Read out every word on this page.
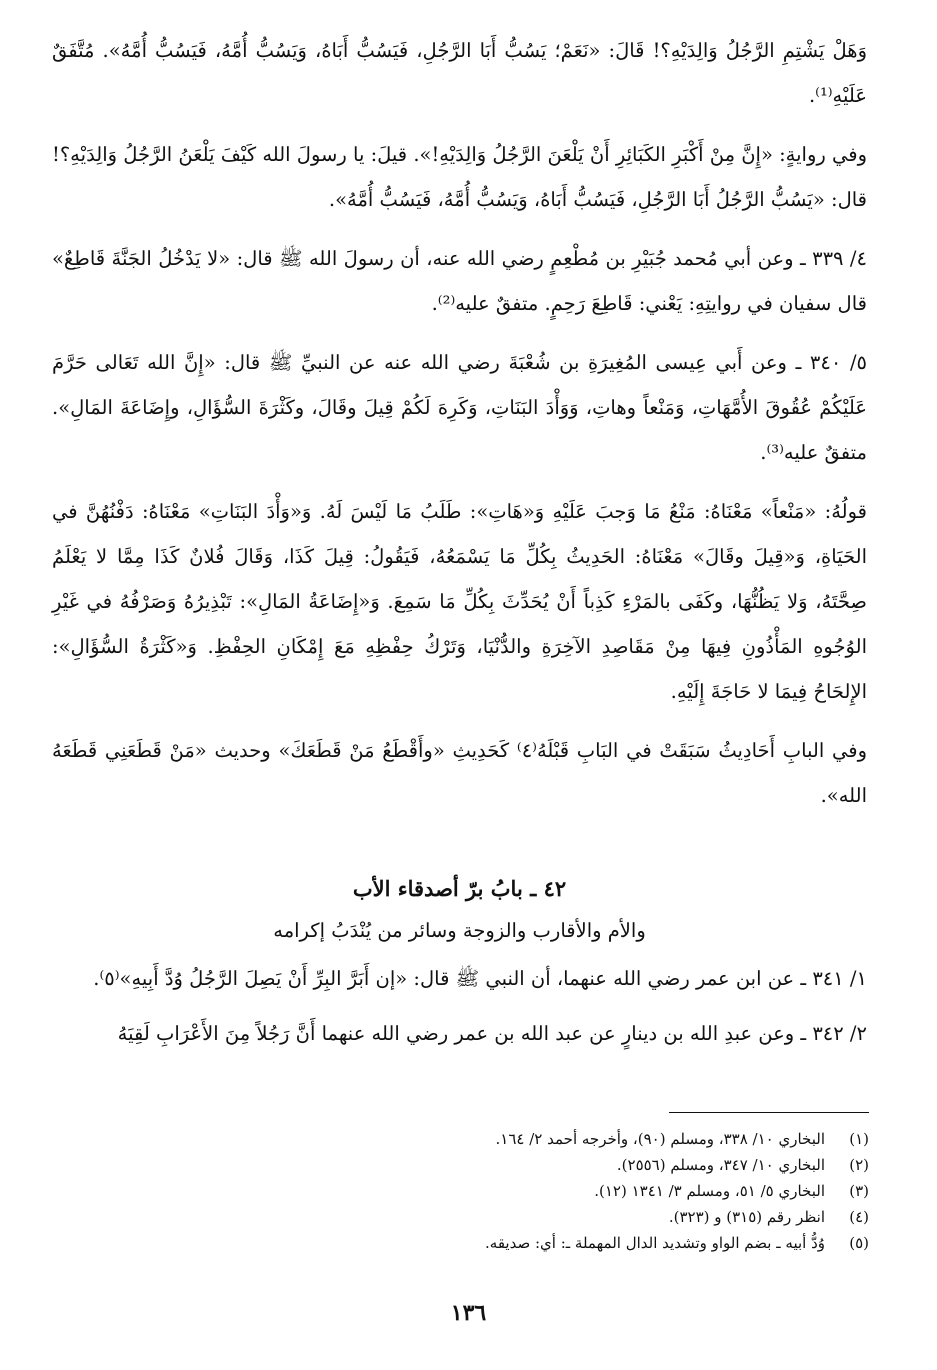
وَهَلْ يَشْتِمِ الرَّجُلُ وَالِدَيْهِ؟! قَالَ: «نَعَمْ؛ يَسُبُّ أَبَا الرَّجُلِ، فَيَسُبُّ أَبَاهُ، وَيَسُبُّ أُمَّهُ، فَيَسُبُّ أُمَّهُ». مُتَّفَقٌ عَلَيْهِ⁽¹⁾.

وفي روايةٍ: «إِنَّ مِنْ أَكْبَرِ الكَبَائِرِ أَنْ يَلْعَنَ الرَّجُلُ وَالِدَيْهِ!». قيلَ: يا رسولَ الله كَيْفَ يَلْعَنُ الرَّجُلُ وَالِدَيْهِ؟! قال: «يَسُبُّ الرَّجُلُ أَبَا الرَّجُلِ، فَيَسُبُّ أَبَاهُ، وَيَسُبُّ أُمَّهُ، فَيَسُبُّ أُمَّهُ».

٤/ ٣٣٩ ـ وعن أبي مُحمد جُبَيْرِ بن مُطْعِمٍ رضي الله عنه، أن رسولَ الله ﷺ قال: «لا يَدْخُلُ الجَنَّةَ قَاطِعٌ» قال سفيان في روايتِهِ: يَعْني: قَاطِعَ رَحِمٍ. متفقٌ عليه⁽²⁾.

٥/ ٣٤٠ ـ وعن أَبي عِيسى المُغِيرَةِ بن شُعْبَةَ رضي الله عنه عن النبيِّ ﷺ قال: «إِنَّ الله تَعَالى حَرَّمَ عَلَيْكُمْ عُقُوقَ الأُمَّهَاتِ، وَمَنْعاً وهاتِ، وَوَأْدَ البَنَاتِ، وَكَرِهَ لَكُمْ قِيلَ وقَالَ، وكَثْرَةَ السُّؤَالِ، وإِضَاعَةَ المَالِ». متفقٌ عليه⁽³⁾.

قولُهُ: «مَنْعاً» مَعْنَاهُ: مَنْعُ مَا وَجبَ عَلَيْهِ وَ«هَاتِ»: طَلَبُ مَا لَيْسَ لَهُ. وَ«وَأْدَ البَنَاتِ» مَعْنَاهُ: دَفْنُهُنَّ في الحَيَاةِ، وَ«قِيلَ وقَالَ» مَعْنَاهُ: الحَدِيثُ بِكُلِّ مَا يَسْمَعُهُ، فَيَقُولُ: قِيلَ كَذَا، وَقَالَ فُلانٌ كَذَا مِمَّا لا يَعْلَمُ صِحَّتَهُ، وَلا يَظُنُّهَا، وكَفَى بالمَرْءِ كَذِباً أَنْ يُحَدِّثَ بِكُلِّ مَا سَمِعَ. وَ«إِضَاعَةُ المَالِ»: تَبْذِيرُهُ وَصَرْفُهُ في غَيْرِ الوُجُوهِ المَأْذُونِ فِيهَا مِنْ مَقَاصِدِ الآخِرَةِ والدُّنْيَا، وَتَرْكُ حِفْظِهِ مَعَ إِمْكَانِ الحِفْظِ. وَ«كَثْرَةُ السُّؤَالِ»: الإِلحَاحُ فِيمَا لا حَاجَةَ إِلَيْهِ.

وفي البابِ أَحَادِيثُ سَبَقَتْ في البَابِ قَبْلَهُ⁽٤⁾ كَحَدِيثِ «وأَقْطَعُ مَنْ قَطَعَكَ» وحديث «مَنْ قَطَعَنِي قَطَعَهُ الله».

٤٢ ـ بابُ برّ أصدقاء الأب
والأم والأقارب والزوجة وسائر من يُنْدَبُ إكرامه

١/ ٣٤١ ـ عن ابن عمر رضي الله عنهما، أن النبي ﷺ قال: «إن أَبَرَّ البِرِّ أَنْ يَصِلَ الرَّجُلُ وُدَّ أَبِيهِ»⁽٥⁾.

٢/ ٣٤٢ ـ وعن عبدِ الله بن دينارٍ عن عبد الله بن عمر رضي الله عنهما أَنَّ رَجُلاً مِنَ الأَعْرَابِ لَقِيَهُ

(١)
البخاري ١٠/ ٣٣٨، ومسلم (٩٠)، وأخرجه أحمد ٢/ ١٦٤.
(٢)
البخاري ١٠/ ٣٤٧، ومسلم (٢٥٥٦).
(٣)
البخاري ٥/ ٥١، ومسلم ٣/ ١٣٤١ (١٢).
(٤)
انظر رقم (٣١٥) و (٣٢٣).
(٥)
وُدُّ أبيه ـ بضم الواو وتشديد الدال المهملة ـ: أي: صديقه.
١٣٦
